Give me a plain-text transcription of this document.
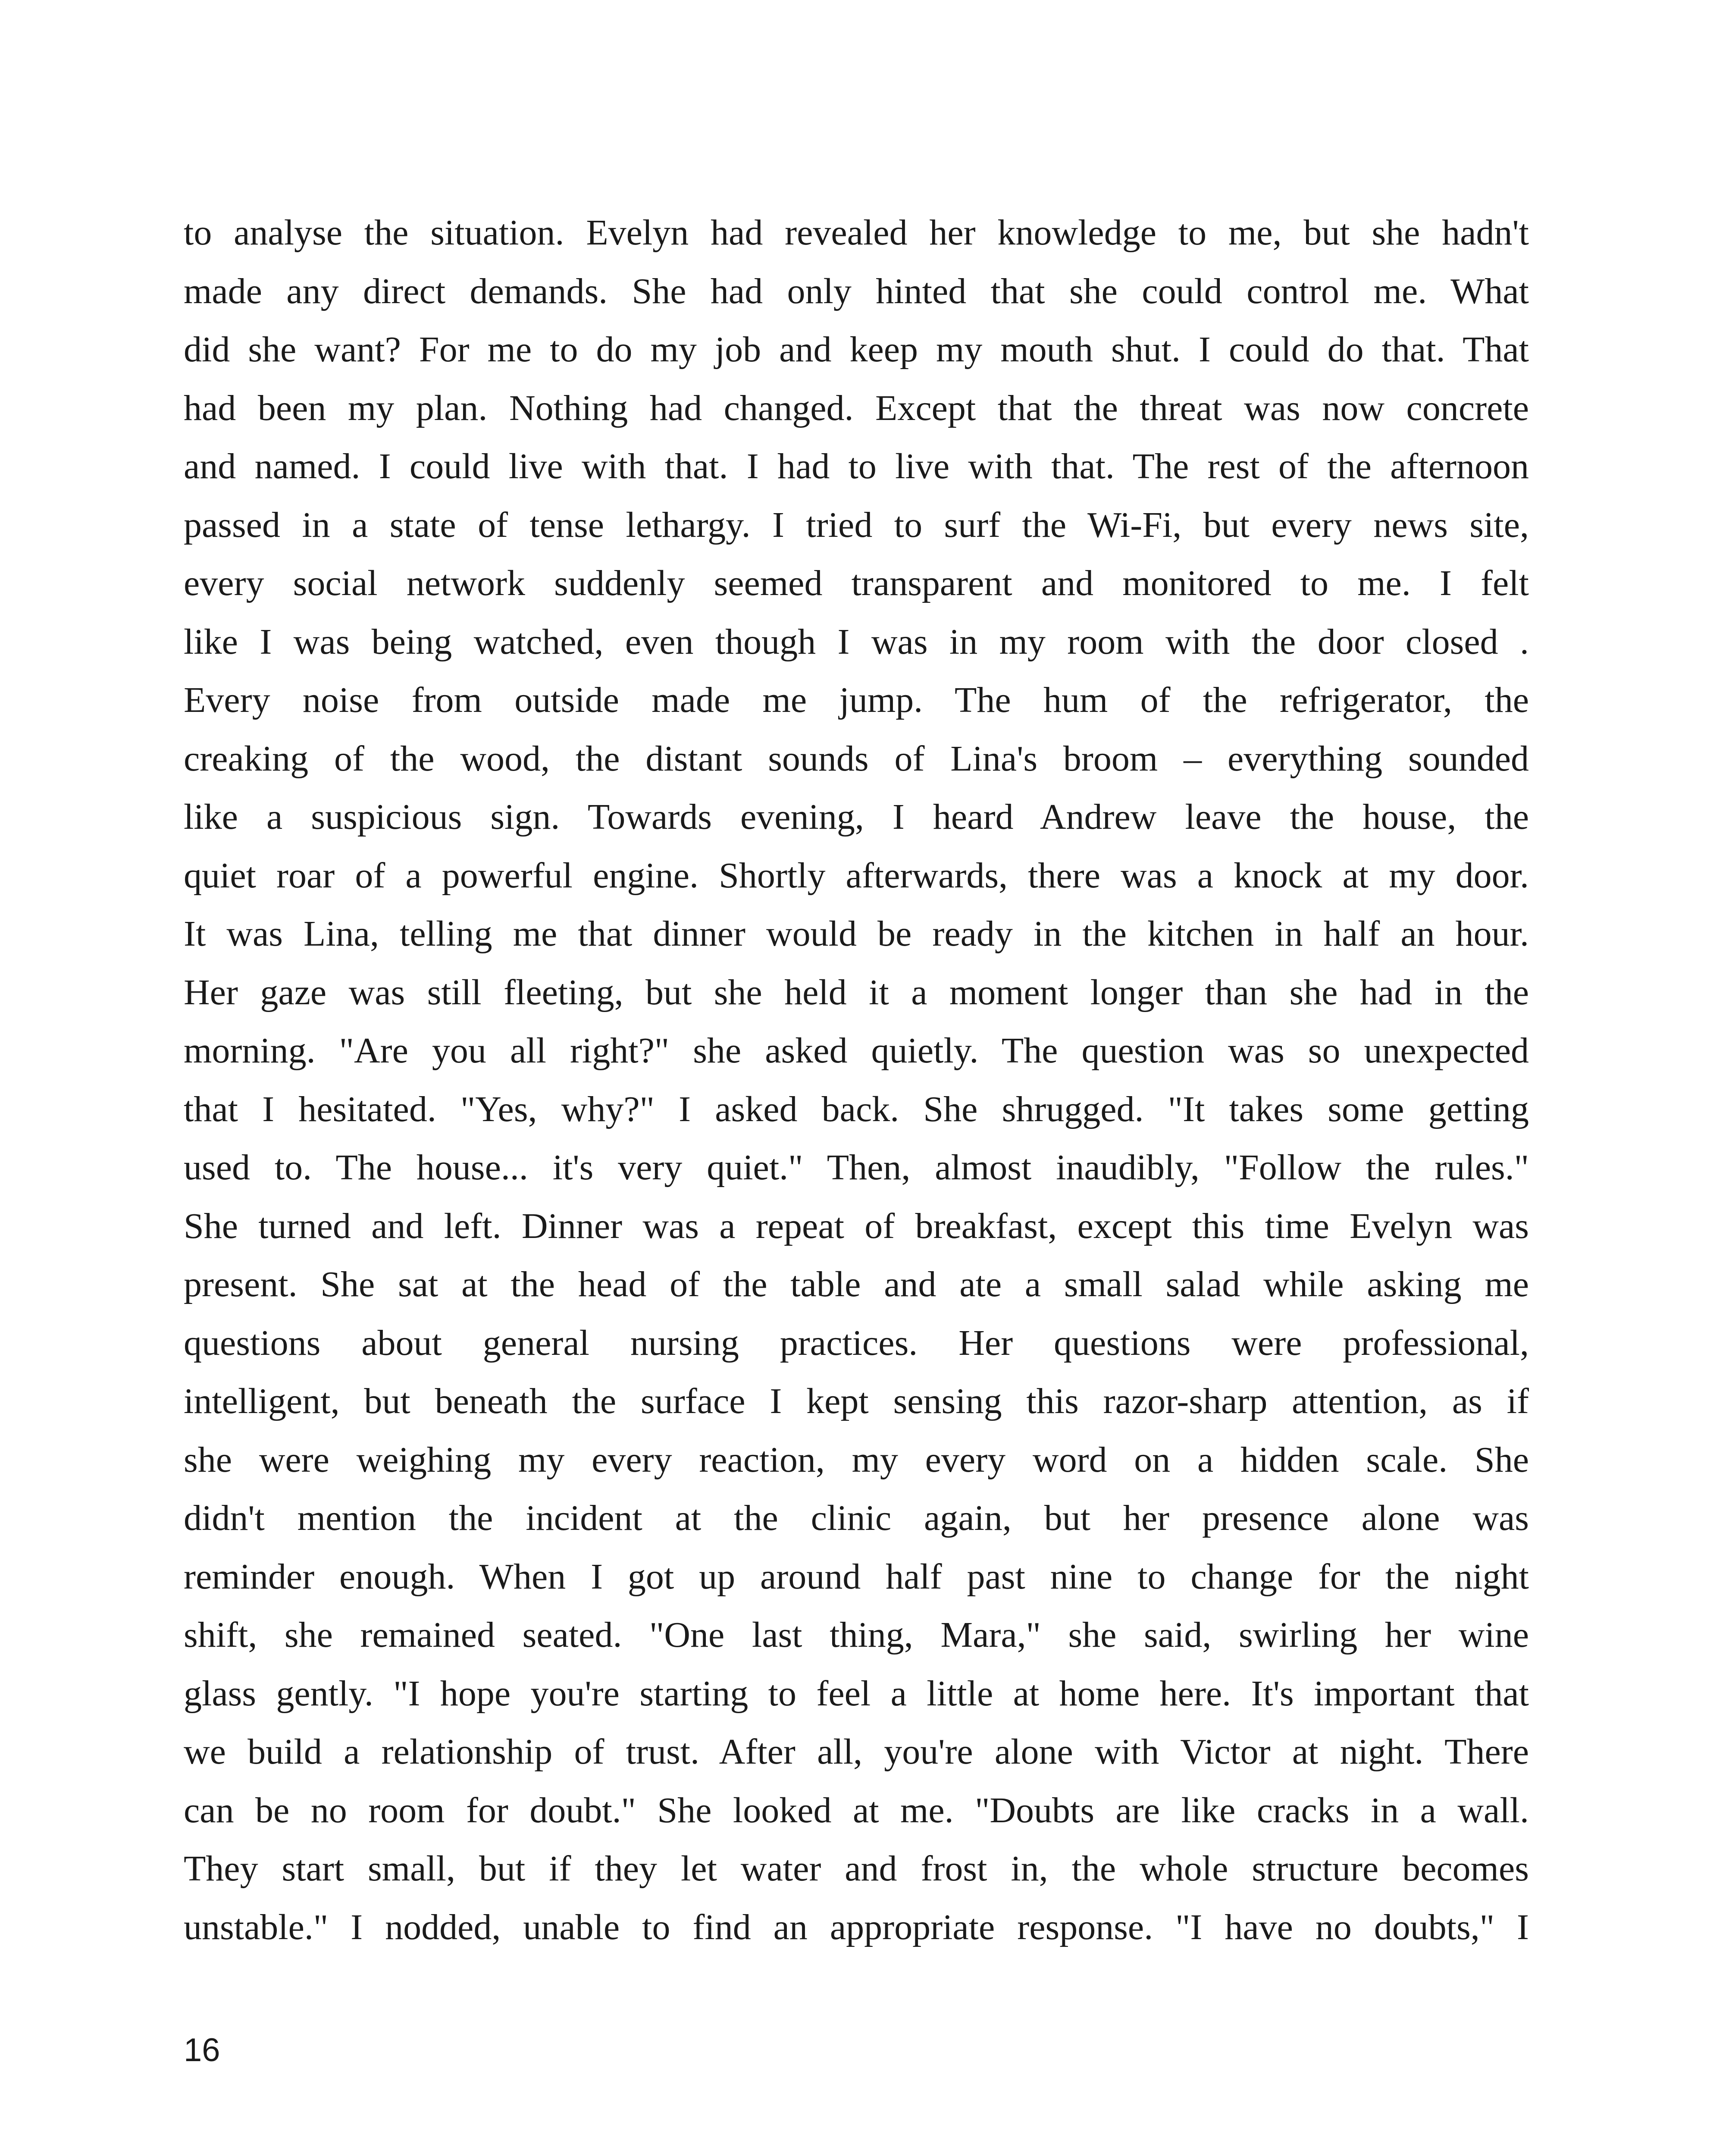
to analyse the situation. Evelyn had revealed her knowledge to me, but she hadn't
made any direct demands. She had only hinted that she could control me. What
did she want? For me to do my job and keep my mouth shut. I could do that. That
had been my plan. Nothing had changed. Except that the threat was now concrete
and named. I could live with that. I had to live with that. The rest of the afternoon
passed in a state of tense lethargy. I tried to surf the Wi-Fi, but every news site,
every social network suddenly seemed transparent and monitored to me. I felt
like I was being watched, even though I was in my room with the door closed .
Every noise from outside made me jump. The hum of the refrigerator, the
creaking of the wood, the distant sounds of Lina's broom – everything sounded
like a suspicious sign. Towards evening, I heard Andrew leave the house, the
quiet roar of a powerful engine. Shortly afterwards, there was a knock at my door.
It was Lina, telling me that dinner would be ready in the kitchen in half an hour.
Her gaze was still fleeting, but she held it a moment longer than she had in the
morning. "Are you all right?" she asked quietly. The question was so unexpected
that I hesitated. "Yes, why?" I asked back. She shrugged. "It takes some getting
used to. The house... it's very quiet." Then, almost inaudibly, "Follow the rules."
She turned and left. Dinner was a repeat of breakfast, except this time Evelyn was
present. She sat at the head of the table and ate a small salad while asking me
questions about general nursing practices. Her questions were professional,
intelligent, but beneath the surface I kept sensing this razor-sharp attention, as if
she were weighing my every reaction, my every word on a hidden scale. She
didn't mention the incident at the clinic again, but her presence alone was
reminder enough. When I got up around half past nine to change for the night
shift, she remained seated. "One last thing, Mara," she said, swirling her wine
glass gently. "I hope you're starting to feel a little at home here. It's important that
we build a relationship of trust. After all, you're alone with Victor at night. There
can be no room for doubt." She looked at me. "Doubts are like cracks in a wall.
They start small, but if they let water and frost in, the whole structure becomes
unstable." I nodded, unable to find an appropriate response. "I have no doubts," I
16
